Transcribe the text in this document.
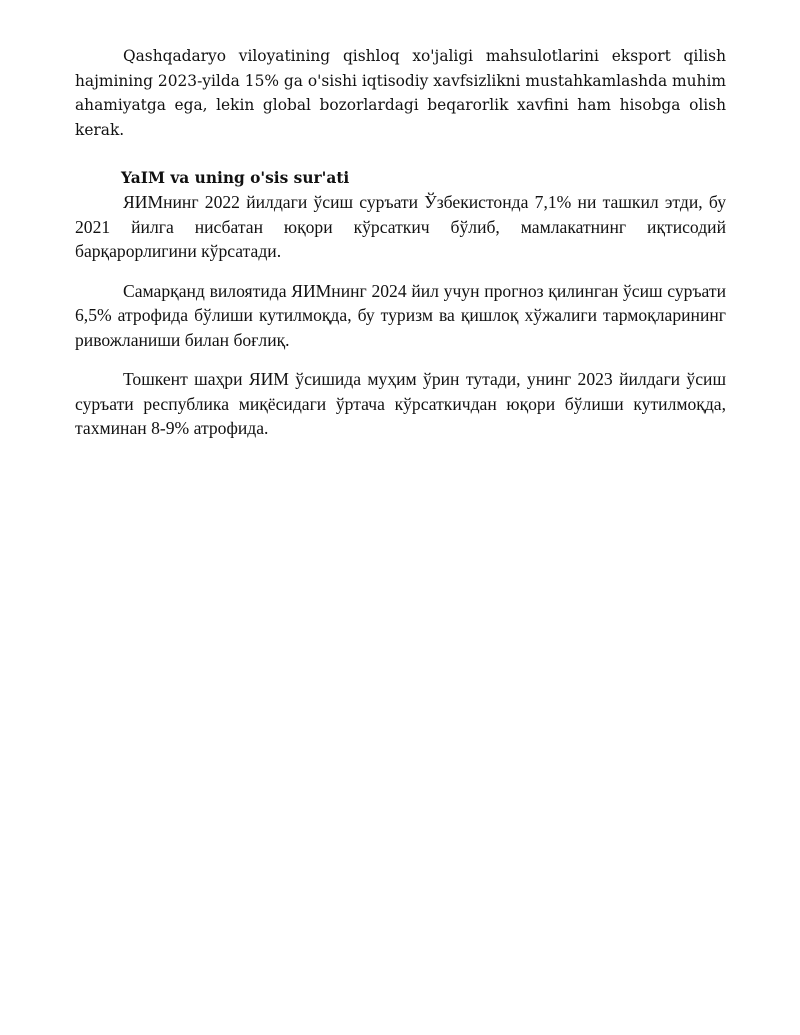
Qashqadaryo viloyatining qishloq xo'jaligi mahsulotlarini eksport qilish hajmining 2023-yilda 15% ga o'sishi iqtisodiy xavfsizlikni mustahkamlashda muhim ahamiyatga ega, lekin global bozorlardagi beqarorlik xavfini ham hisobga olish kerak.

YaIM va uning o'sis sur'ati

ЯИМнинг 2022 йилдаги ўсиш суръати Ўзбекистонда 7,1% ни ташкил этди, бу 2021 йилга нисбатан юқори кўрсаткич бўлиб, мамлакатнинг иқтисодий барқарорлигини кўрсатади.

Самарқанд вилоятида ЯИМнинг 2024 йил учун прогноз қилинган ўсиш суръати 6,5% атрофида бўлиши кутилмоқда, бу туризм ва қишлоқ хўжалиги тармоқларининг ривожланиши билан боғлиқ.

Тошкент шаҳри ЯИМ ўсишида муҳим ўрин тутади, унинг 2023 йилдаги ўсиш суръати республика миқёсидаги ўртача кўрсаткичдан юқори бўлиши кутилмоқда, тахминан 8-9% атрофида.
